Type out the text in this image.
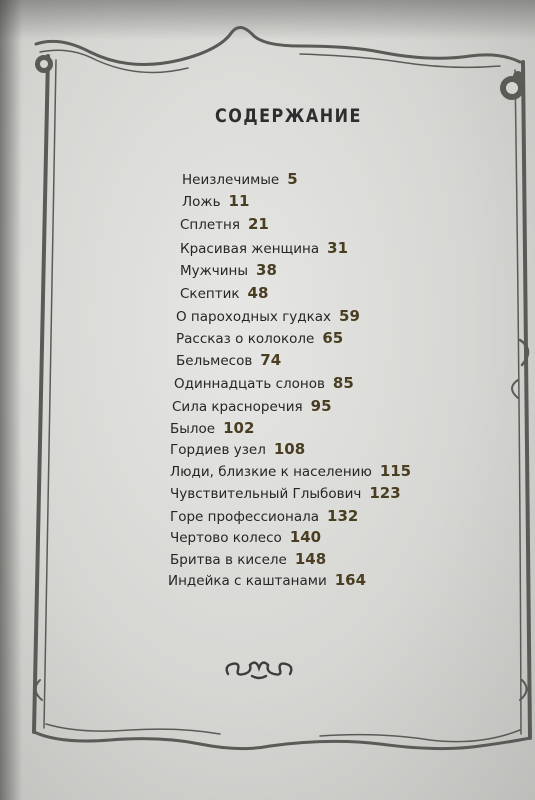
СОДЕРЖАНИЕ
Неизлечимые 5
Ложь 11
Сплетня 21
Красивая женщина 31
Мужчины 38
Скептик 48
О пароходных гудках 59
Рассказ о колоколе 65
Бельмесов 74
Одиннадцать слонов 85
Сила красноречия 95
Былое 102
Гордиев узел 108
Люди, близкие к населению 115
Чувствительный Глыбович 123
Горе профессионала 132
Чертово колесо 140
Бритва в киселе 148
Индейка с каштанами 164
